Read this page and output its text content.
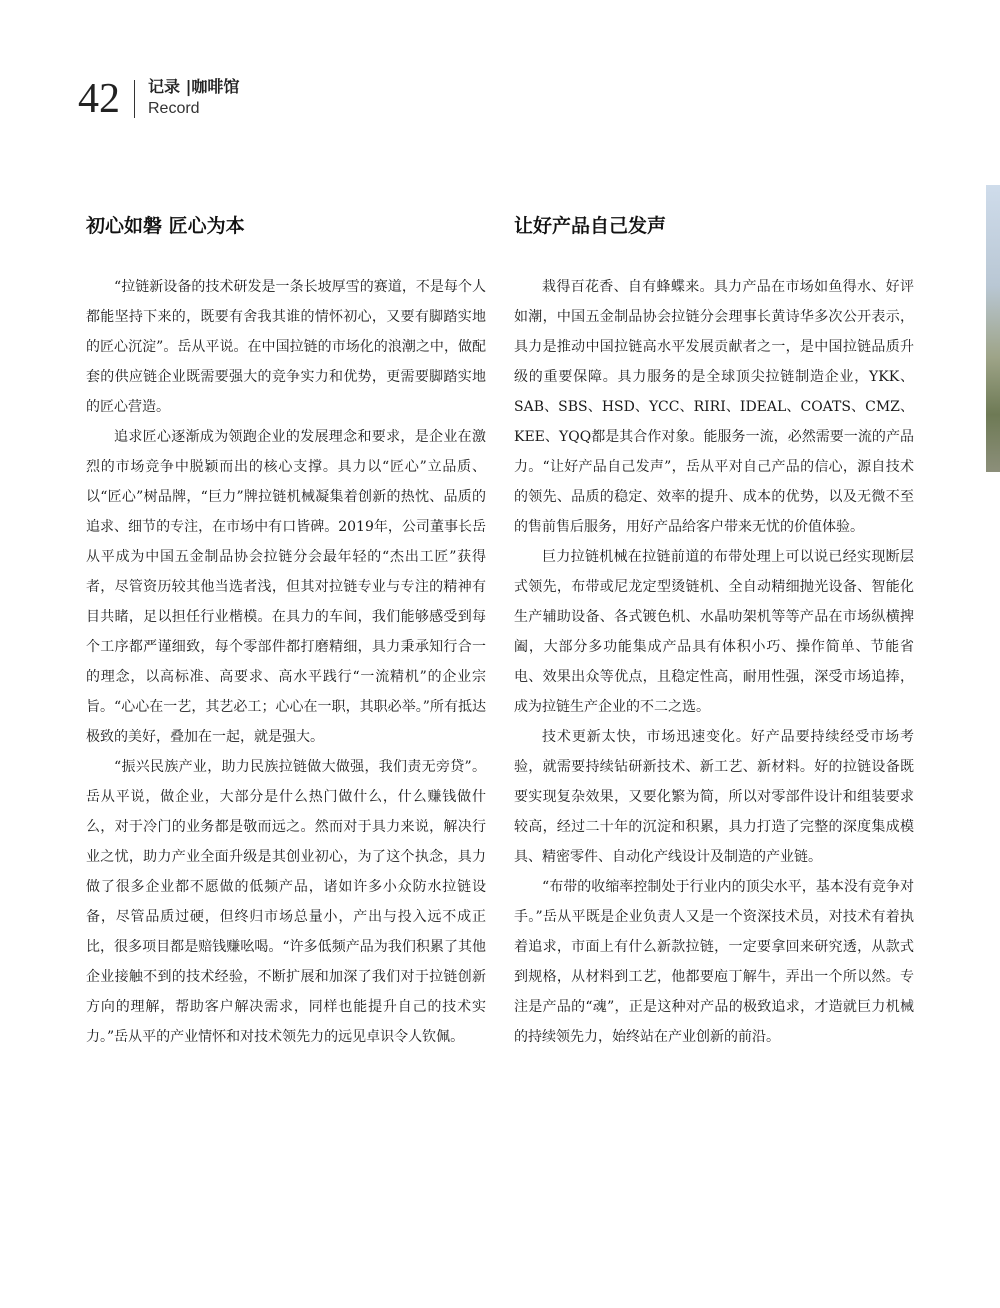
42 记录 |咖啡馆
Record
初心如磐 匠心为本

“拉链新设备的技术研发是一条长坡厚雪的赛道，不是每个人都能坚持下来的，既要有舍我其谁的情怀初心，又要有脚踏实地的匠心沉淀”。岳从平说。在中国拉链的市场化的浪潮之中，做配套的供应链企业既需要强大的竞争实力和优势，更需要脚踏实地的匠心营造。

追求匠心逐渐成为领跑企业的发展理念和要求，是企业在激烈的市场竞争中脱颖而出的核心支撑。具力以“匠心”立品质、以“匠心”树品牌，“巨力”牌拉链机械凝集着创新的热忱、品质的追求、细节的专注，在市场中有口皆碑。2019年，公司董事长岳从平成为中国五金制品协会拉链分会最年轻的“杰出工匠”获得者，尽管资历较其他当选者浅，但其对拉链专业与专注的精神有目共睹，足以担任行业楷模。在具力的车间，我们能够感受到每个工序都严谨细致，每个零部件都打磨精细，具力秉承知行合一的理念，以高标准、高要求、高水平践行“一流精机”的企业宗旨。“心心在一艺，其艺必工；心心在一职，其职必举。”所有抵达极致的美好，叠加在一起，就是强大。

“振兴民族产业，助力民族拉链做大做强，我们责无旁贷”。岳从平说，做企业，大部分是什么热门做什么，什么赚钱做什么，对于冷门的业务都是敬而远之。然而对于具力来说，解决行业之忧，助力产业全面升级是其创业初心，为了这个执念，具力做了很多企业都不愿做的低频产品，诸如许多小众防水拉链设备，尽管品质过硬，但终归市场总量小，产出与投入远不成正比，很多项目都是赔钱赚吆喝。“许多低频产品为我们积累了其他企业接触不到的技术经验，不断扩展和加深了我们对于拉链创新方向的理解，帮助客户解决需求，同样也能提升自己的技术实力。”岳从平的产业情怀和对技术领先力的远见卓识令人钦佩。

让好产品自己发声

栽得百花香、自有蜂蝶来。具力产品在市场如鱼得水、好评如潮，中国五金制品协会拉链分会理事长黄诗华多次公开表示，具力是推动中国拉链高水平发展贡献者之一，是中国拉链品质升级的重要保障。具力服务的是全球顶尖拉链制造企业，YKK、SAB、SBS、HSD、YCC、RIRI、IDEAL、COATS、CMZ、KEE、YQQ都是其合作对象。能服务一流，必然需要一流的产品力。“让好产品自己发声”，岳从平对自己产品的信心，源自技术的领先、品质的稳定、效率的提升、成本的优势，以及无微不至的售前售后服务，用好产品给客户带来无忧的价值体验。

巨力拉链机械在拉链前道的布带处理上可以说已经实现断层式领先，布带或尼龙定型烫链机、全自动精细抛光设备、智能化生产辅助设备、各式镀色机、水晶叻架机等等产品在市场纵横捭阖，大部分多功能集成产品具有体积小巧、操作简单、节能省电、效果出众等优点，且稳定性高，耐用性强，深受市场追捧，成为拉链生产企业的不二之选。

技术更新太快，市场迅速变化。好产品要持续经受市场考验，就需要持续钻研新技术、新工艺、新材料。好的拉链设备既要实现复杂效果，又要化繁为简，所以对零部件设计和组装要求较高，经过二十年的沉淀和积累，具力打造了完整的深度集成模具、精密零件、自动化产线设计及制造的产业链。

“布带的收缩率控制处于行业内的顶尖水平，基本没有竞争对手。”岳从平既是企业负责人又是一个资深技术员，对技术有着执着追求，市面上有什么新款拉链，一定要拿回来研究透，从款式到规格，从材料到工艺，他都要庖丁解牛，弄出一个所以然。专注是产品的“魂”，正是这种对产品的极致追求，才造就巨力机械的持续领先力，始终站在产业创新的前沿。
